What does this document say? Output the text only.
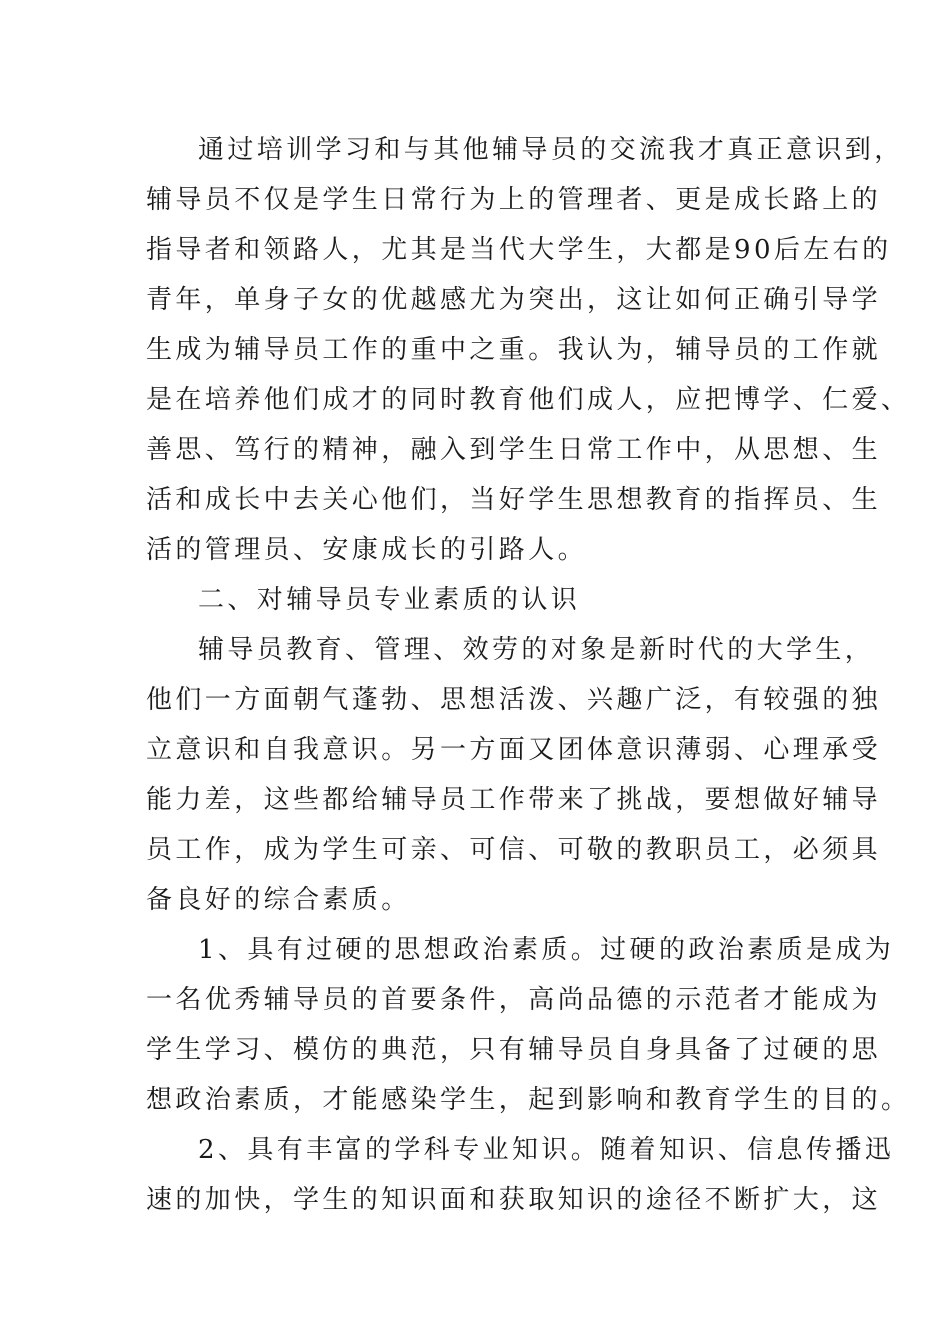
通过培训学习和与其他辅导员的交流我才真正意识到，
辅导员不仅是学生日常行为上的管理者、更是成长路上的
指导者和领路人，尤其是当代大学生，大都是90后左右的
青年，单身子女的优越感尤为突出，这让如何正确引导学
生成为辅导员工作的重中之重。我认为，辅导员的工作就
是在培养他们成才的同时教育他们成人，应把博学、仁爱、
善思、笃行的精神，融入到学生日常工作中，从思想、生
活和成长中去关心他们，当好学生思想教育的指挥员、生
活的管理员、安康成长的引路人。
二、对辅导员专业素质的认识
辅导员教育、管理、效劳的对象是新时代的大学生，
他们一方面朝气蓬勃、思想活泼、兴趣广泛，有较强的独
立意识和自我意识。另一方面又团体意识薄弱、心理承受
能力差，这些都给辅导员工作带来了挑战，要想做好辅导
员工作，成为学生可亲、可信、可敬的教职员工，必须具
备良好的综合素质。
1、具有过硬的思想政治素质。过硬的政治素质是成为
一名优秀辅导员的首要条件，高尚品德的示范者才能成为
学生学习、模仿的典范，只有辅导员自身具备了过硬的思
想政治素质，才能感染学生，起到影响和教育学生的目的。
2、具有丰富的学科专业知识。随着知识、信息传播迅
速的加快，学生的知识面和获取知识的途径不断扩大，这
